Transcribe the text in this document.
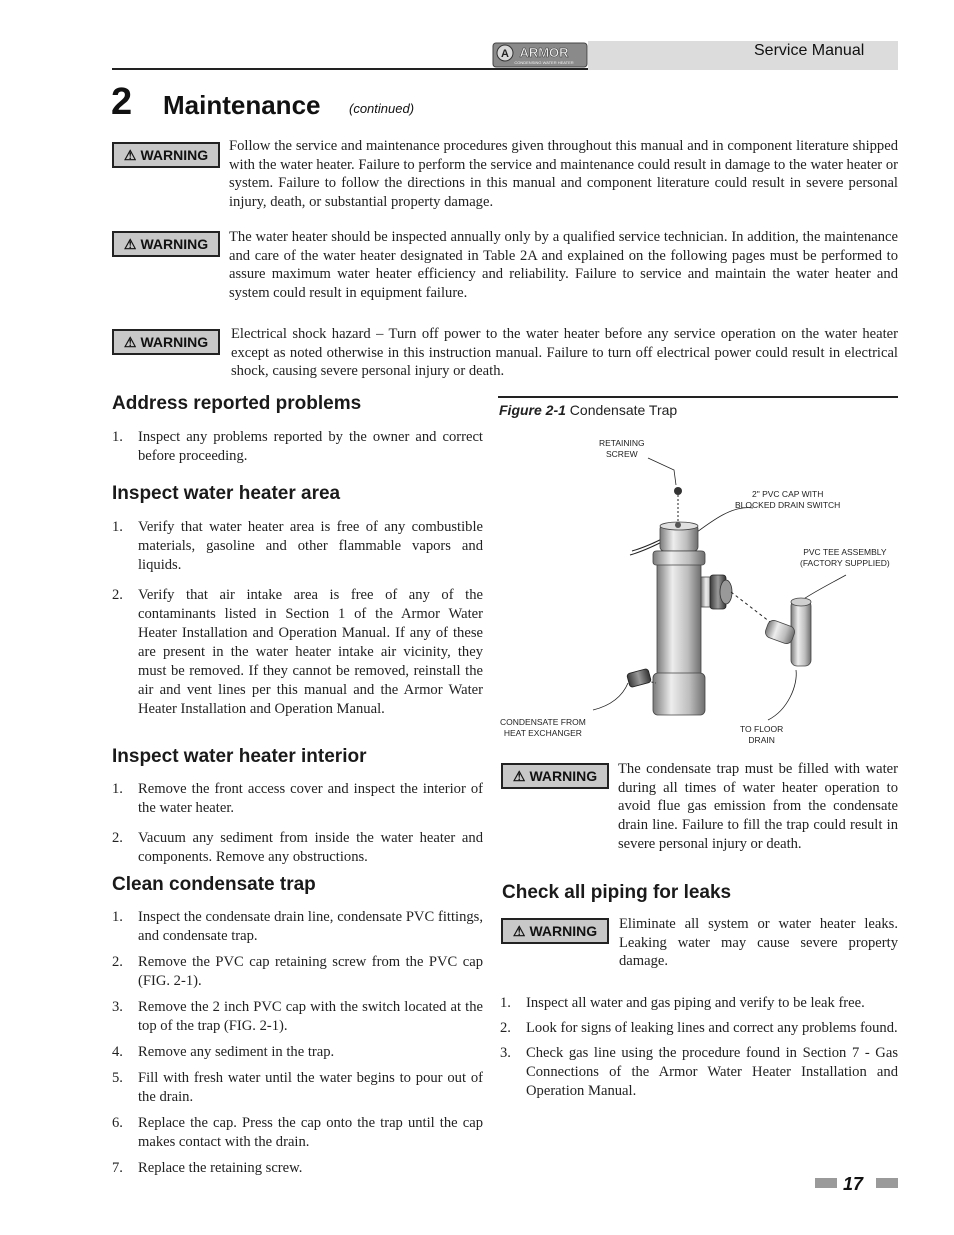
A ARMOR
CONDENSING WATER HEATER
Service Manual
2 Maintenance (continued)
⚠ WARNING
Follow the service and maintenance procedures given throughout this manual and in component literature shipped with the water heater. Failure to perform the service and maintenance could result in damage to the water heater or system. Failure to follow the directions in this manual and component literature could result in severe personal injury, death, or substantial property damage.
⚠ WARNING The water heater should be inspected annually only by a qualified service technician. In addition, the maintenance and care of the water heater designated in Table 2A and explained on the following pages must be performed to assure maximum water heater efficiency and reliability. Failure to service and maintain the water heater and system could result in equipment failure.
⚠ WARNING Electrical shock hazard – Turn off power to the water heater before any service operation on the water heater except as noted otherwise in this instruction manual. Failure to turn off electrical power could result in electrical shock, causing severe personal injury or death.
Address reported problems
1. Inspect any problems reported by the owner and correct before proceeding.
Inspect water heater area
1. Verify that water heater area is free of any combustible materials, gasoline and other flammable vapors and liquids.
2. Verify that air intake area is free of any of the contaminants listed in Section 1 of the Armor Water Heater Installation and Operation Manual. If any of these are present in the water heater intake air vicinity, they must be removed. If they cannot be removed, reinstall the air and vent lines per this manual and the Armor Water Heater Installation and Operation Manual.
Inspect water heater interior
1. Remove the front access cover and inspect the interior of the water heater.
2. Vacuum any sediment from inside the water heater and components. Remove any obstructions.
Clean condensate trap
1. Inspect the condensate drain line, condensate PVC fittings, and condensate trap.
2. Remove the PVC cap retaining screw from the PVC cap (FIG. 2-1).
3. Remove the 2 inch PVC cap with the switch located at the top of the trap (FIG. 2-1).
4. Remove any sediment in the trap.
5. Fill with fresh water until the water begins to pour out of the drain.
6. Replace the cap. Press the cap onto the trap until the cap makes contact with the drain.
7. Replace the retaining screw.
Figure 2-1 Condensate Trap
RETAINING
SCREW
2" PVC CAP WITH
BLOCKED DRAIN SWITCH
PVC TEE ASSEMBLY
(FACTORY SUPPLIED)
CONDENSATE FROM
HEAT EXCHANGER	TO FLOOR
DRAIN
⚠ WARNING The condensate trap must be filled with water during all times of water heater operation to avoid flue gas emission from the condensate drain line. Failure to fill the trap could result in severe personal injury or death.
Check all piping for leaks
⚠ WARNING Eliminate all system or water heater leaks. Leaking water may cause severe property damage.
1. Inspect all water and gas piping and verify to be leak free.
2. Look for signs of leaking lines and correct any problems found.
3. Check gas line using the procedure found in Section 7 - Gas Connections of the Armor Water Heater Installation and Operation Manual.
17
